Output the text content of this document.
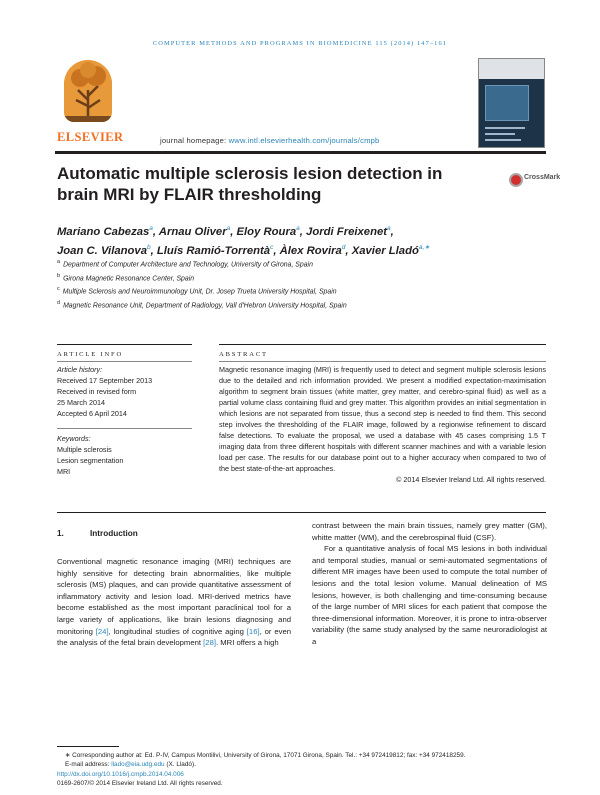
COMPUTER METHODS AND PROGRAMS IN BIOMEDICINE 115 (2014) 147–161
ELSEVIER	journal homepage: www.intl.elsevierhealth.com/journals/cmpb
Automatic multiple sclerosis lesion detection in brain MRI by FLAIR thresholding
CrossMark
Mariano Cabezas$^a$, Arnau Oliver$^a$, Eloy Roura$^a$, Jordi Freixenet$^a$,
Joan C. Vilanova$^b$, Lluís Ramió-Torrentà$^c$, Àlex Rovira$^d$, Xavier Lladó$^{a,∗}$
$^a$ Department of Computer Architecture and Technology, University of Girona, Spain
$^b$ Girona Magnetic Resonance Center, Spain
$^c$ Multiple Sclerosis and Neuroimmunology Unit, Dr. Josep Trueta University Hospital, Spain
$^d$ Magnetic Resonance Unit, Department of Radiology, Vall d'Hebron University Hospital, Spain
ARTICLE INFO	ABSTRACT
Article history:
Received 17 September 2013
Received in revised form
25 March 2014
Accepted 6 April 2014
Keywords:
Multiple sclerosis
Lesion segmentation
MRI

Magnetic resonance imaging (MRI) is frequently used to detect and segment multiple sclerosis lesions due to the detailed and rich information provided. We present a modified expectation-maximisation algorithm to segment brain tissues (white matter, grey matter, and cerebro-spinal fluid) as well as a partial volume class containing fluid and grey matter. This algorithm provides an initial segmentation in which lesions are not separated from tissue, thus a second step is needed to find them. This second step involves the thresholding of the FLAIR image, followed by a regionwise refinement to discard false detections. To evaluate the proposal, we used a database with 45 cases comprising 1.5 T imaging data from three different hospitals with different scanner machines and with a variable lesion load per case. The results for our database point out to a higher accuracy when compared to two of the best state-of-the-art approaches.

© 2014 Elsevier Ireland Ltd. All rights reserved.

1.	Introduction

Conventional magnetic resonance imaging (MRI) techniques are highly sensitive for detecting brain abnormalities, like multiple sclerosis (MS) plaques, and can provide quantitative assessment of inflammatory activity and lesion load. MRI-derived metrics have become established as the most important paraclinical tool for a large variety of applications, like brain lesions diagnosing and monitoring [24], longitudinal studies of cognitive aging [16], or even the analysis of the fetal brain development [28]. MRI offers a high

contrast between the main brain tissues, namely grey matter (GM), whitte matter (WM), and the cerebrospinal fluid (CSF).

For a quantitative analysis of focal MS lesions in both individual and temporal studies, manual or semi-automated segmentations of different MR images have been used to compute the total number of lesions and the total lesion volume. Manual delineation of MS lesions, however, is both challenging and time-consuming because of the large number of MRI slices for each patient that compose the three-dimensional information. Moreover, it is prone to intra-observer variability (the same study analysed by the same neuroradiologist at a

∗ Corresponding author at: Ed. P-IV, Campus Montilivi, University of Girona, 17071 Girona, Spain. Tel.: +34 972419812; fax: +34 972418259.
E-mail address: llado@eia.udg.edu (X. Lladó).
http://dx.doi.org/10.1016/j.cmpb.2014.04.006
0169-2607/© 2014 Elsevier Ireland Ltd. All rights reserved.
